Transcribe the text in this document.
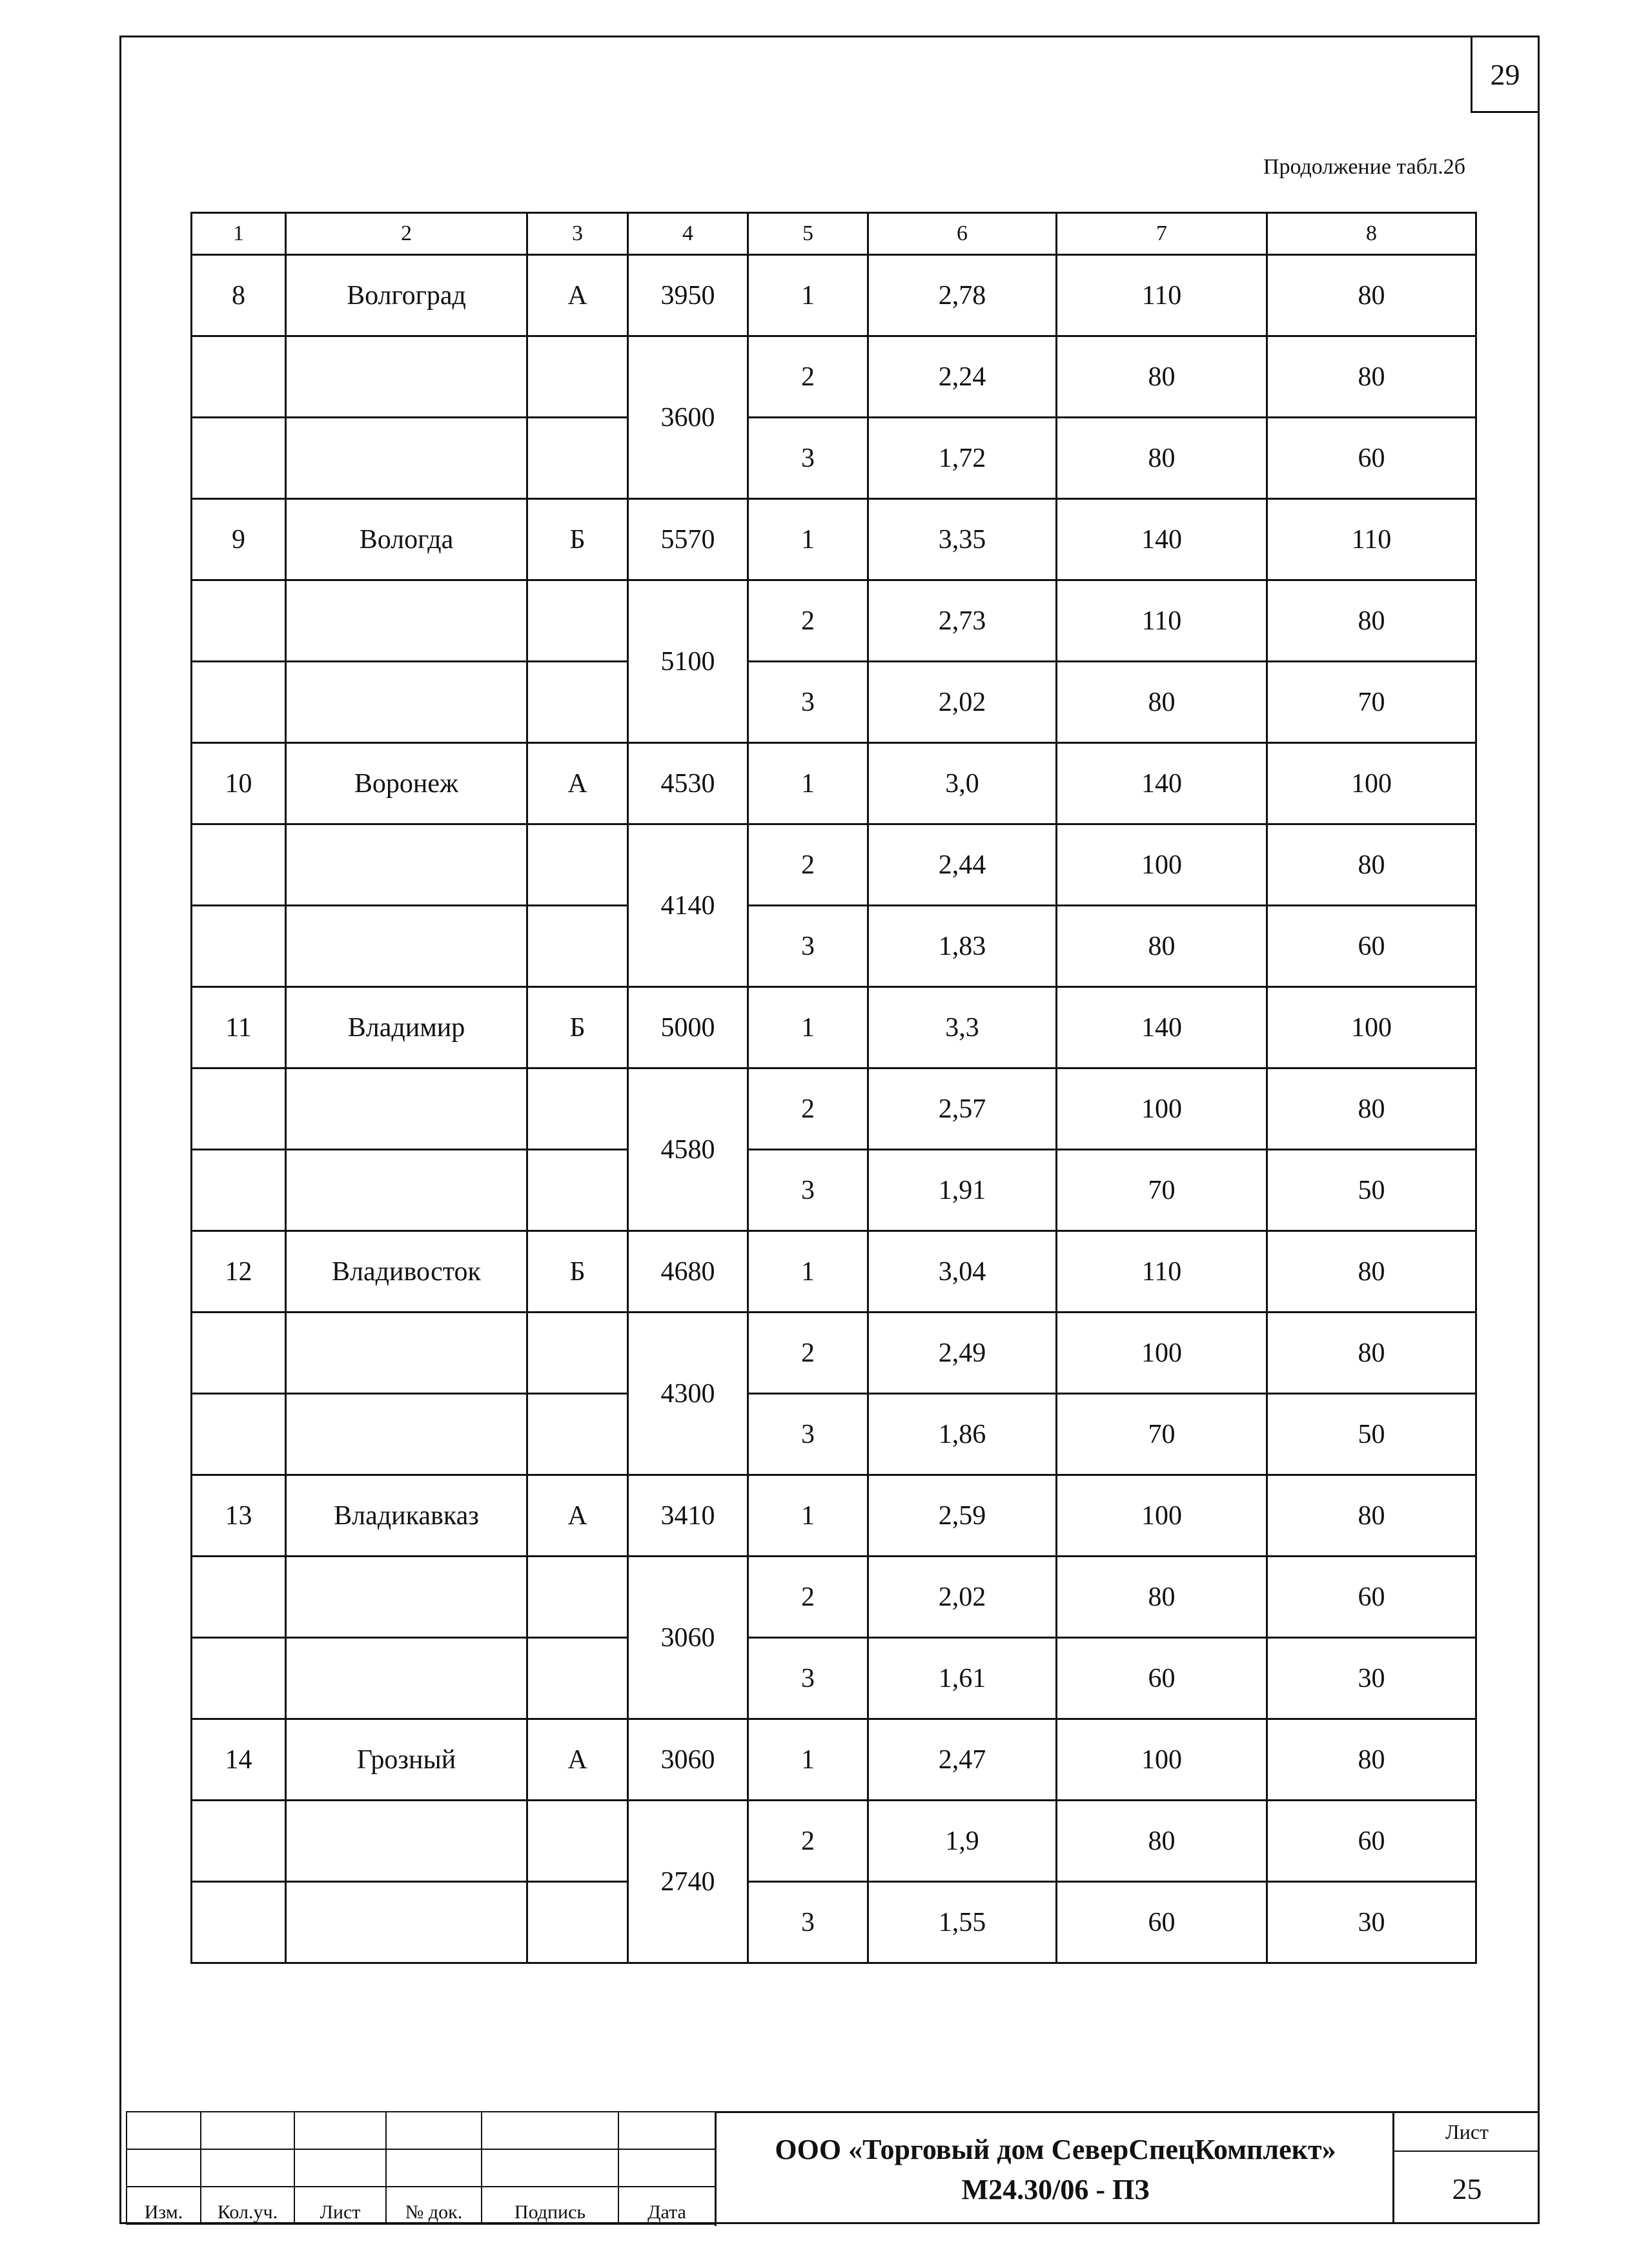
29
Продолжение табл.2б
1	2	3	4	5	6	7	8
8	Волгоград	А	3950	1	2,78	110	80
			3600	2	2,24	80	80
				3	1,72	80	60
9	Вологда	Б	5570	1	3,35	140	110
			5100	2	2,73	110	80
				3	2,02	80	70
10	Воронеж	А	4530	1	3,0	140	100
			4140	2	2,44	100	80
				3	1,83	80	60
11	Владимир	Б	5000	1	3,3	140	100
			4580	2	2,57	100	80
				3	1,91	70	50
12	Владивосток	Б	4680	1	3,04	110	80
			4300	2	2,49	100	80
				3	1,86	70	50
13	Владикавказ	А	3410	1	2,59	100	80
			3060	2	2,02	80	60
				3	1,61	60	30
14	Грозный	А	3060	1	2,47	100	80
			2740	2	1,9	80	60
				3	1,55	60	30

Изм.	Кол.уч.	Лист	№ док.	Подпись	Дата
ООО «Торговый дом СеверСпецКомплект»
М24.30/06 - ПЗ
Лист
25
